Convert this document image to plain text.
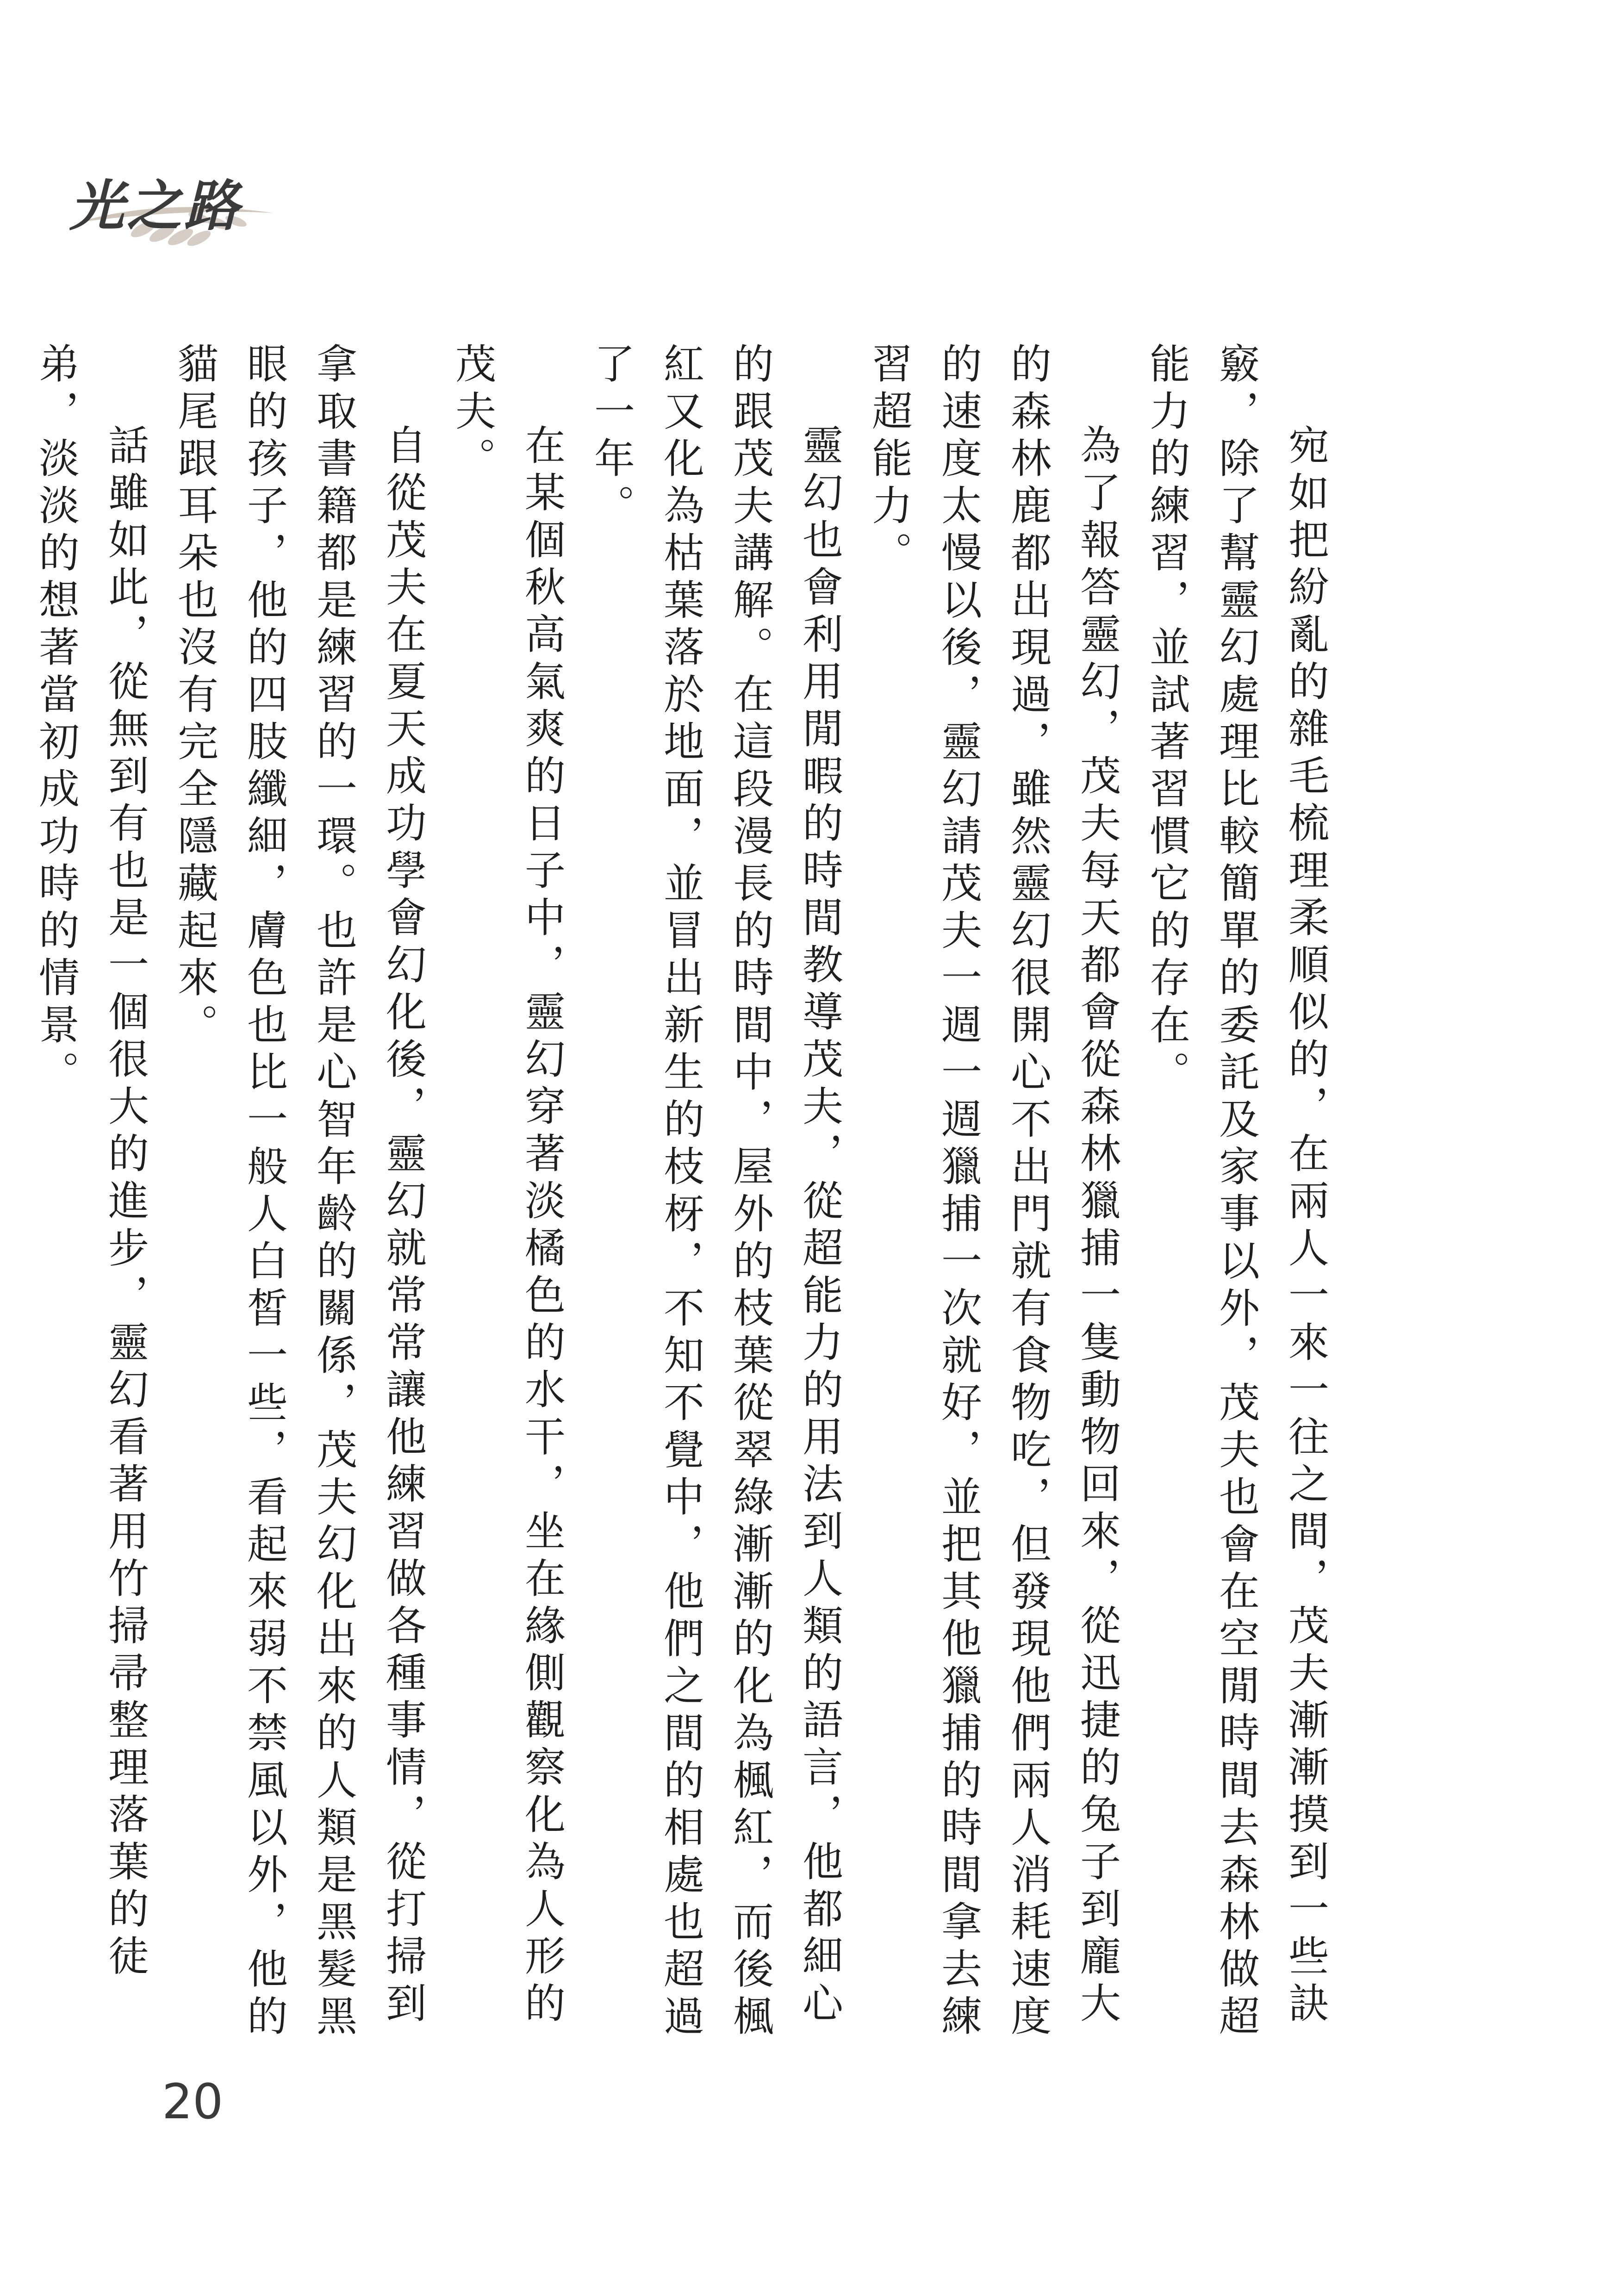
光之路

宛如把紛亂的雜毛梳理柔順似的，在兩人一來一往之間，茂夫漸漸摸到一些訣竅，除了幫靈幻處理比較簡單的委託及家事以外，茂夫也會在空閒時間去森林做超能力的練習，並試著習慣它的存在。

為了報答靈幻，茂夫每天都會從森林獵捕一隻動物回來，從迅捷的兔子到龐大的森林鹿都出現過，雖然靈幻很開心不出門就有食物吃，但發現他們兩人消耗速度的速度太慢以後，靈幻請茂夫一週一週獵捕一次就好，並把其他獵捕的時間拿去練習超能力。

靈幻也會利用閒暇的時間教導茂夫，從超能力的用法到人類的語言，他都細心的跟茂夫講解。在這段漫長的時間中，屋外的枝葉從翠綠漸漸的化為楓紅，而後楓紅又化為枯葉落於地面，並冒出新生的枝枒，不知不覺中，他們之間的相處也超過了一年。

在某個秋高氣爽的日子中，靈幻穿著淡橘色的水干，坐在緣側觀察化為人形的茂夫。

自從茂夫在夏天成功學會幻化後，靈幻就常常讓他練習做各種事情，從打掃到拿取書籍都是練習的一環。也許是心智年齡的關係，茂夫幻化出來的人類是黑髮黑眼的孩子，他的四肢纖細，膚色也比一般人白皙一些，看起來弱不禁風以外，他的貓尾跟耳朵也沒有完全隱藏起來。

話雖如此，從無到有也是一個很大的進步，靈幻看著用竹掃帚整理落葉的徒弟，淡淡的想著當初成功時的情景。

20
